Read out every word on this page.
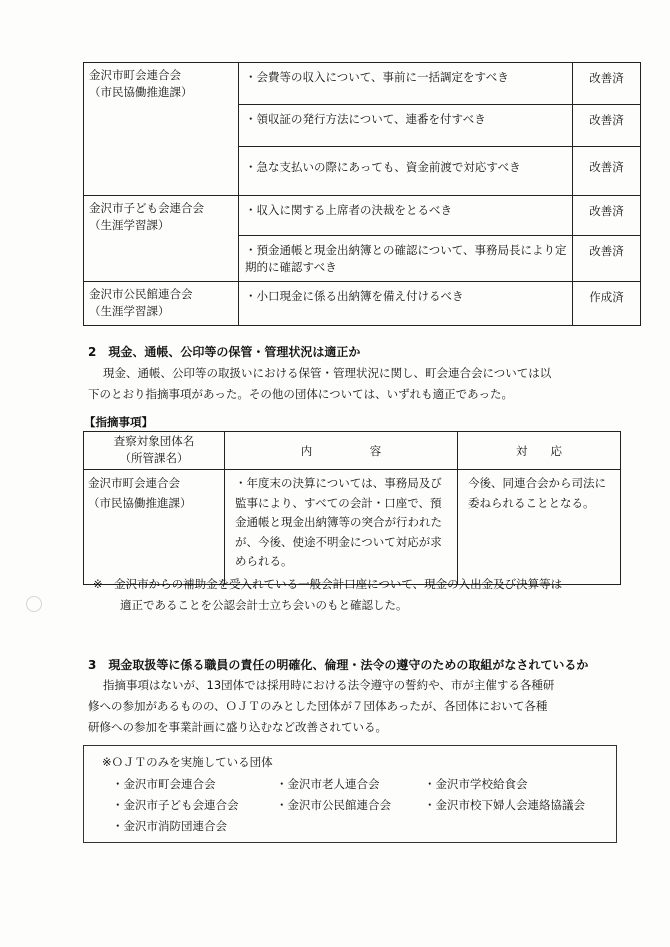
金沢市町会連合会
（市民協働推進課）	・会費等の収入について、事前に一括調定をすべき	改善済
	・領収証の発行方法について、連番を付すべき	改善済
	・急な支払いの際にあっても、資金前渡で対応すべき	改善済

金沢市子ども会連合会
（生涯学習課）	・収入に関する上席者の決裁をとるべき	改善済
	・預金通帳と現金出納簿との確認について、事務局長により定期的に確認すべき	改善済

金沢市公民館連合会
（生涯学習課）	・小口現金に係る出納簿を備え付けるべき	作成済
2　現金、通帳、公印等の保管・管理状況は適正か
現金、通帳、公印等の取扱いにおける保管・管理状況に関し、町会連合会については以
下のとおり指摘事項があった。その他の団体については、いずれも適正であった。
【指摘事項】
査察対象団体名
（所管課名）	内　　　　　容	対　　応

金沢市町会連合会
（市民協働推進課）	・年度末の決算については、事務局及び監事により、すべての会計・口座で、預金通帳と現金出納簿等の突合が行われたが、今後、使途不明金について対応が求められる。	今後、同連合会から司法に委ねられることとなる。
※　金沢市からの補助金を受入れている一般会計口座について、現金の入出金及び決算等は
適正であることを公認会計士立ち会いのもと確認した。
3　現金取扱等に係る職員の責任の明確化、倫理・法令の遵守のための取組がなされているか
指摘事項はないが、13団体では採用時における法令遵守の誓約や、市が主催する各種研
修への参加があるものの、ＯＪＴのみとした団体が７団体あったが、各団体において各種
研修への参加を事業計画に盛り込むなど改善されている。
※ＯＪＴのみを実施している団体
・金沢市町会連合会	・金沢市老人連合会	・金沢市学校給食会
・金沢市子ども会連合会	・金沢市公民館連合会	・金沢市校下婦人会連絡協議会
・金沢市消防団連合会
